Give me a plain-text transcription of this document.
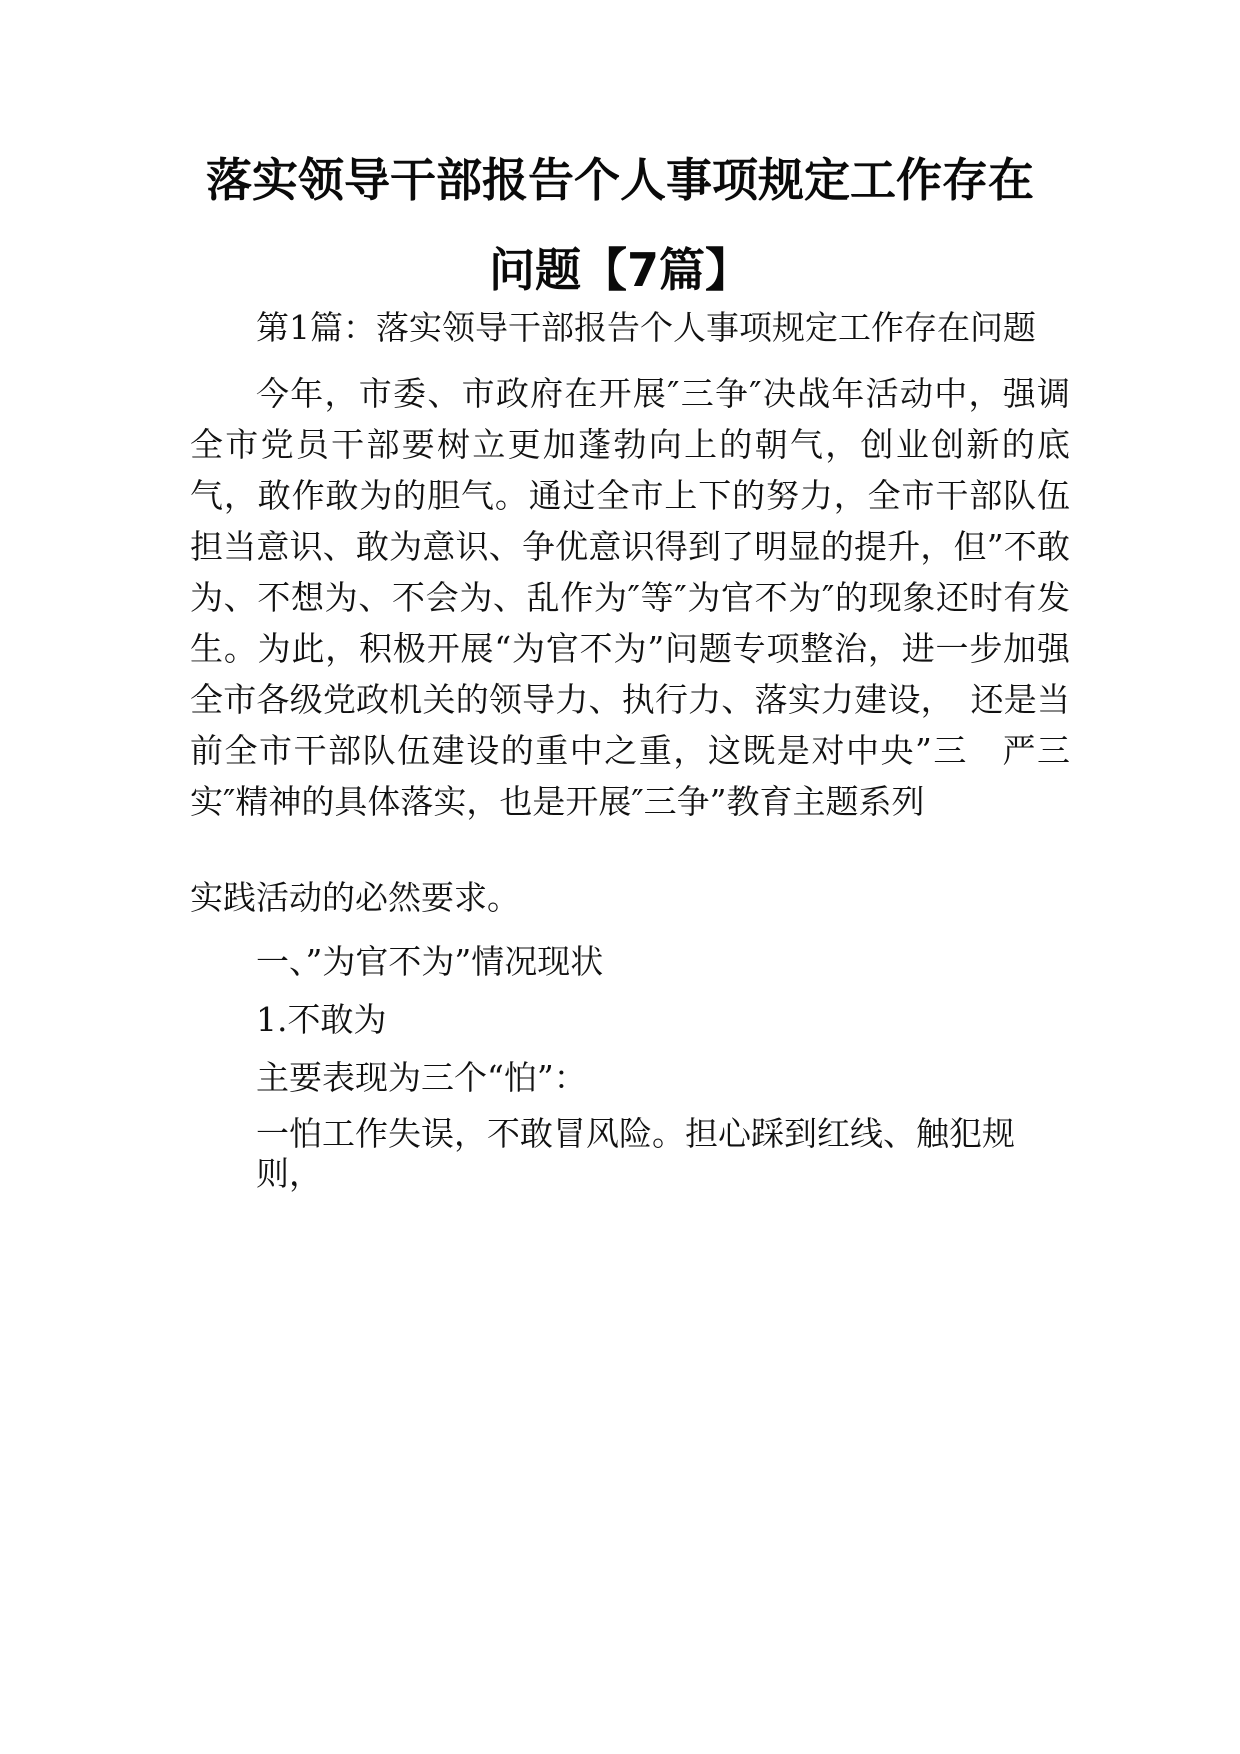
落实领导干部报告个人事项规定工作存在
问题【7篇】

第1篇：落实领导干部报告个人事项规定工作存在问题

今年，市委、市政府在开展″三争″决战年活动中，强调全市党员干部要树立更加蓬勃向上的朝气，创业创新的底气，敢作敢为的胆气。通过全市上下的努力，全市干部队伍担当意识、敢为意识、争优意识得到了明显的提升，但”不敢为、不想为、不会为、乱作为″等″为官不为″的现象还时有发生。为此，积极开展“为官不为”问题专项整治，进一步加强全市各级党政机关的领导力、执行力、落实力建设，　还是当前全市干部队伍建设的重中之重，这既是对中央”三　严三实″精神的具体落实，也是开展″三争”教育主题系列

实践活动的必然要求。

一、”为官不为”情况现状

1.不敢为

主要表现为三个“怕”：

一怕工作失误，不敢冒风险。担心踩到红线、触犯规则，
